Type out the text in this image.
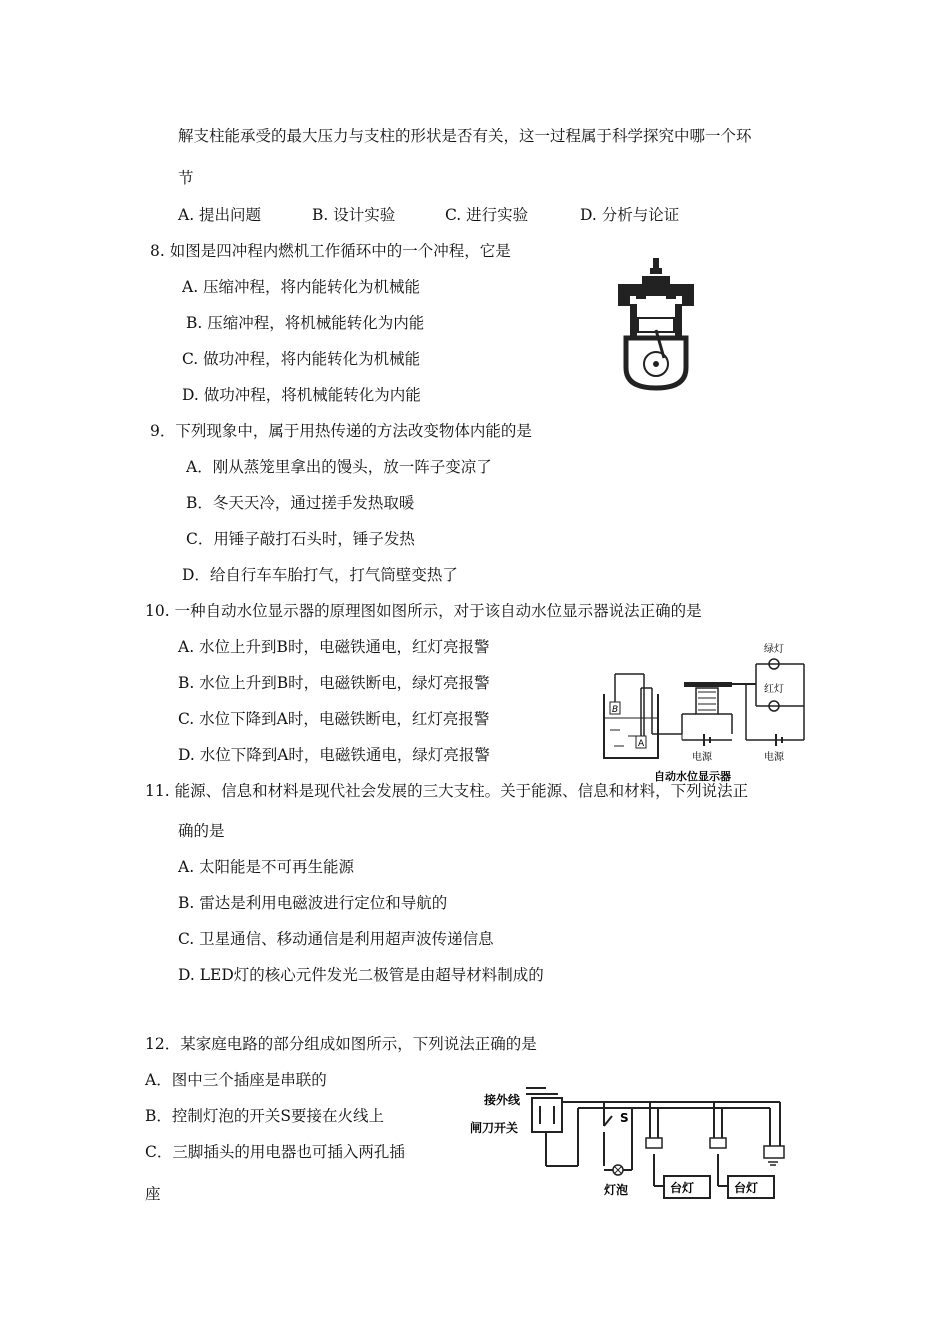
解支柱能承受的最大压力与支柱的形状是否有关，这一过程属于科学探究中哪一个环
节
A. 提出问题	B. 设计实验	C. 进行实验	D. 分析与论证
8. 如图是四冲程内燃机工作循环中的一个冲程，它是
A. 压缩冲程，将内能转化为机械能
B. 压缩冲程，将机械能转化为内能
C. 做功冲程，将内能转化为机械能
D. 做功冲程，将机械能转化为内能
9．下列现象中，属于用热传递的方法改变物体内能的是
A．刚从蒸笼里拿出的馒头，放一阵子变凉了
B．冬天天冷，通过搓手发热取暖
C．用锤子敲打石头时，锤子发热
D．给自行车车胎打气，打气筒壁变热了
10. 一种自动水位显示器的原理图如图所示，对于该自动水位显示器说法正确的是
A. 水位上升到B时，电磁铁通电，红灯亮报警
B. 水位上升到B时，电磁铁断电，绿灯亮报警
C. 水位下降到A时，电磁铁断电，红灯亮报警
D. 水位下降到A时，电磁铁通电，绿灯亮报警
B
A
电源
绿灯
红灯
电源
自动水位显示器
11. 能源、信息和材料是现代社会发展的三大支柱。关于能源、信息和材料，下列说法正
确的是
A. 太阳能是不可再生能源
B. 雷达是利用电磁波进行定位和导航的
C. 卫星通信、移动通信是利用超声波传递信息
D. LED灯的核心元件发光二极管是由超导材料制成的
12．某家庭电路的部分组成如图所示，下列说法正确的是
A．图中三个插座是串联的
B．控制灯泡的开关S要接在火线上
C．三脚插头的用电器也可插入两孔插
座
接外线
闸刀开关
S
灯泡	台灯	台灯
